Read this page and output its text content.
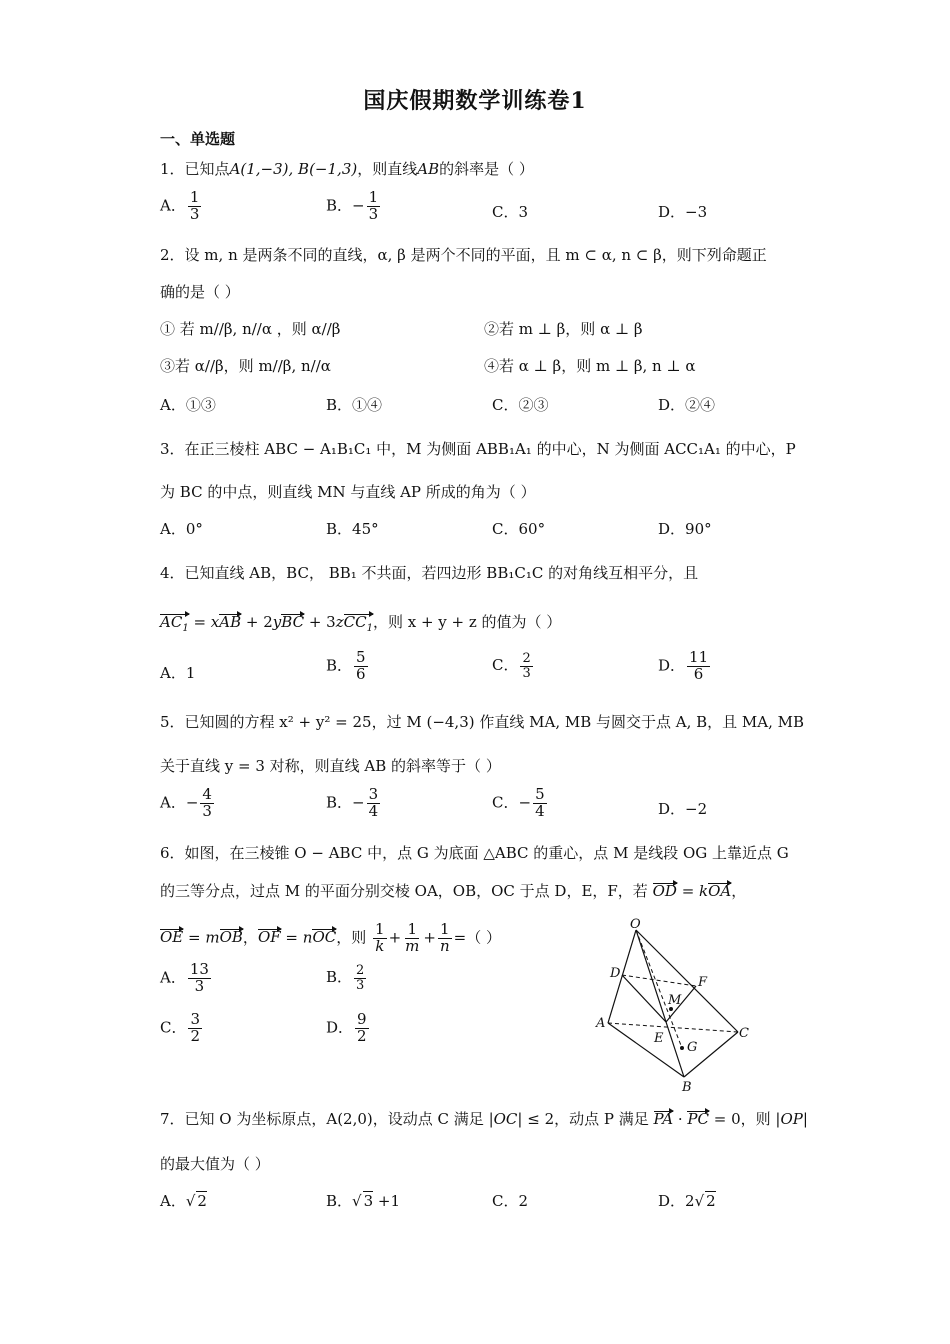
国庆假期数学训练卷1
一、单选题
1．已知点A(1,−3), B(−1,3)，则直线AB的斜率是（ ）
A． $\frac{1}{3}$	B．− $\frac{1}{3}$	C．3	D．−3
2．设 m, n 是两条不同的直线，α, β 是两个不同的平面，且 m ⊂ α, n ⊂ β，则下列命题正
确的是（ ）
① 若 m//β, n//α ，则 α//β	②若 m ⊥ β，则 α ⊥ β
③若 α//β，则 m//β, n//α	④若 α ⊥ β，则 m ⊥ β, n ⊥ α
A．①③	B．①④	C．②③	D．②④
3．在正三棱柱 ABC − A₁B₁C₁ 中，M 为侧面 ABB₁A₁ 的中心，N 为侧面 ACC₁A₁ 的中心，P
为 BC 的中点，则直线 MN 与直线 AP 所成的角为（ ）
A．0°	B．45°	C．60°	D．90°
4．已知直线 AB，BC， BB₁ 不共面，若四边形 BB₁C₁C 的对角线互相平分，且
$AC_1$ = xAB + 2yBC + 3zCC$_1$，则 x + y + z 的值为（ ）
A．1	B． $\frac{5}{6}$	C． $\frac{2}{3}$	D． $\frac{11}{6}$
5．已知圆的方程 x² + y² = 25，过 M (−4,3) 作直线 MA, MB 与圆交于点 A, B，且 MA, MB
关于直线 y = 3 对称，则直线 AB 的斜率等于（ ）
A．− $\frac{4}{3}$	B．− $\frac{3}{4}$	C．− $\frac{5}{4}$	D．−2
6．如图，在三棱锥 O − ABC 中，点 G 为底面 △ABC 的重心，点 M 是线段 OG 上靠近点 G
的三等分点，过点 M 的平面分别交棱 OA，OB，OC 于点 D，E，F，若 OD = kOA，
OE = mOB，OF = nOC，则 $\frac{1}{k} + \frac{1}{m} + \frac{1}{n}$ =（ ）
A． $\frac{13}{3}$	B． $\frac{2}{3}$
C． $\frac{3}{2}$	D． $\frac{9}{2}$
O
D
F
M
A
E	C
G
B
7．已知 O 为坐标原点，A(2,0)，设动点 C 满足 |OC| ≤ 2，动点 P 满足 PA · PC = 0，则 |OP|
的最大值为（ ）
A．√ 2	B．√ 3 +1	C．2	D．2√ 2
